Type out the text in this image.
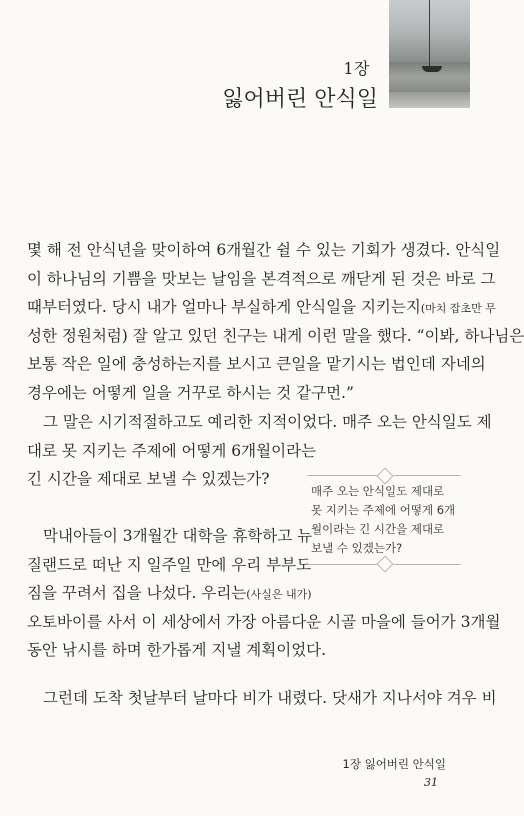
1장
잃어버린 안식일
몇 해 전 안식년을 맞이하여 6개월간 쉴 수 있는 기회가 생겼다. 안식일
이 하나님의 기쁨을 맛보는 날임을 본격적으로 깨닫게 된 것은 바로 그
때부터였다. 당시 내가 얼마나 부실하게 안식일을 지키는지(마치 잡초만 무
성한 정원처럼) 잘 알고 있던 친구는 내게 이런 말을 했다. “이봐, 하나님은
보통 작은 일에 충성하는지를 보시고 큰일을 맡기시는 법인데 자네의
경우에는 어떻게 일을 거꾸로 하시는 것 같구먼.”
그 말은 시기적절하고도 예리한 지적이었다. 매주 오는 안식일도 제
대로 못 지키는 주제에 어떻게 6개월이라는
긴 시간을 제대로 보낼 수 있겠는가?
막내아들이 3개월간 대학을 휴학하고 뉴
질랜드로 떠난 지 일주일 만에 우리 부부도
짐을 꾸려서 집을 나섰다. 우리는(사실은 내가)
오토바이를 사서 이 세상에서 가장 아름다운 시골 마을에 들어가 3개월
동안 낚시를 하며 한가롭게 지낼 계획이었다.
그런데 도착 첫날부터 날마다 비가 내렸다. 닷새가 지나서야 겨우 비
매주 오는 안식일도 제대로
못 지키는 주제에 어떻게 6개
월이라는 긴 시간을 제대로
보낼 수 있겠는가?
1장 잃어버린 안식일
31
